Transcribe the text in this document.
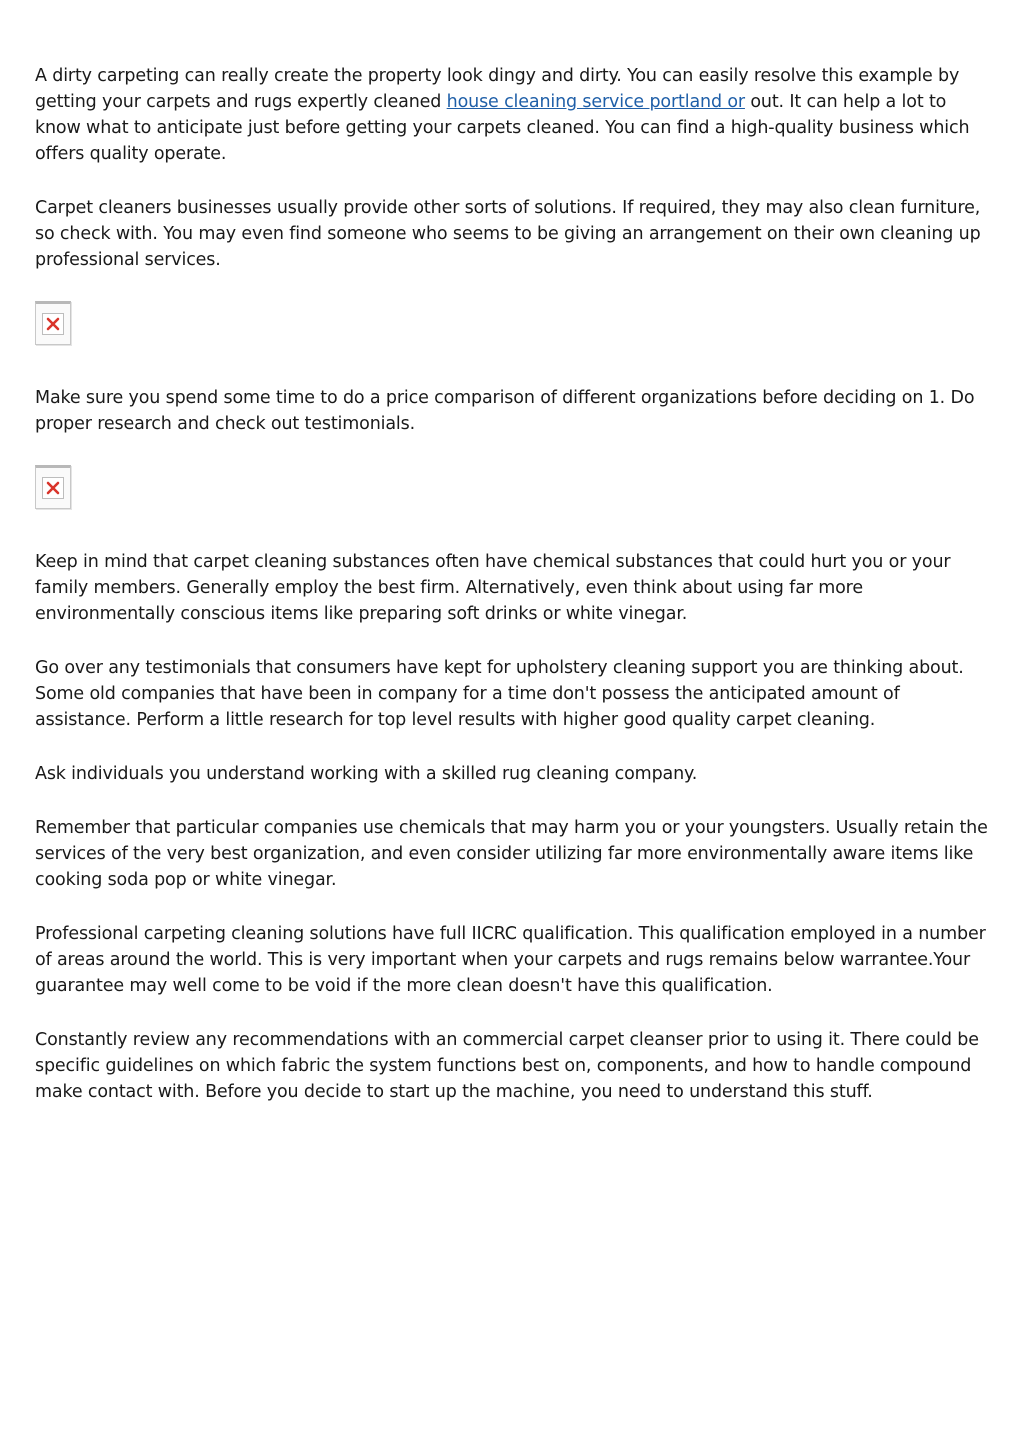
A dirty carpeting can really create the property look dingy and dirty. You can easily resolve this example by getting your carpets and rugs expertly cleaned house cleaning service portland or out. It can help a lot to know what to anticipate just before getting your carpets cleaned. You can find a high-quality business which offers quality operate.

Carpet cleaners businesses usually provide other sorts of solutions. If required, they may also clean furniture, so check with. You may even find someone who seems to be giving an arrangement on their own cleaning up professional services.

Make sure you spend some time to do a price comparison of different organizations before deciding on 1. Do proper research and check out testimonials.

Keep in mind that carpet cleaning substances often have chemical substances that could hurt you or your family members. Generally employ the best firm. Alternatively, even think about using far more environmentally conscious items like preparing soft drinks or white vinegar.

Go over any testimonials that consumers have kept for upholstery cleaning support you are thinking about. Some old companies that have been in company for a time don't possess the anticipated amount of assistance. Perform a little research for top level results with higher good quality carpet cleaning.

Ask individuals you understand working with a skilled rug cleaning company.

Remember that particular companies use chemicals that may harm you or your youngsters. Usually retain the services of the very best organization, and even consider utilizing far more environmentally aware items like cooking soda pop or white vinegar.

Professional carpeting cleaning solutions have full IICRC qualification. This qualification employed in a number of areas around the world. This is very important when your carpets and rugs remains below warrantee.Your guarantee may well come to be void if the more clean doesn't have this qualification.

Constantly review any recommendations with an commercial carpet cleanser prior to using it. There could be specific guidelines on which fabric the system functions best on, components, and how to handle compound make contact with. Before you decide to start up the machine, you need to understand this stuff.
